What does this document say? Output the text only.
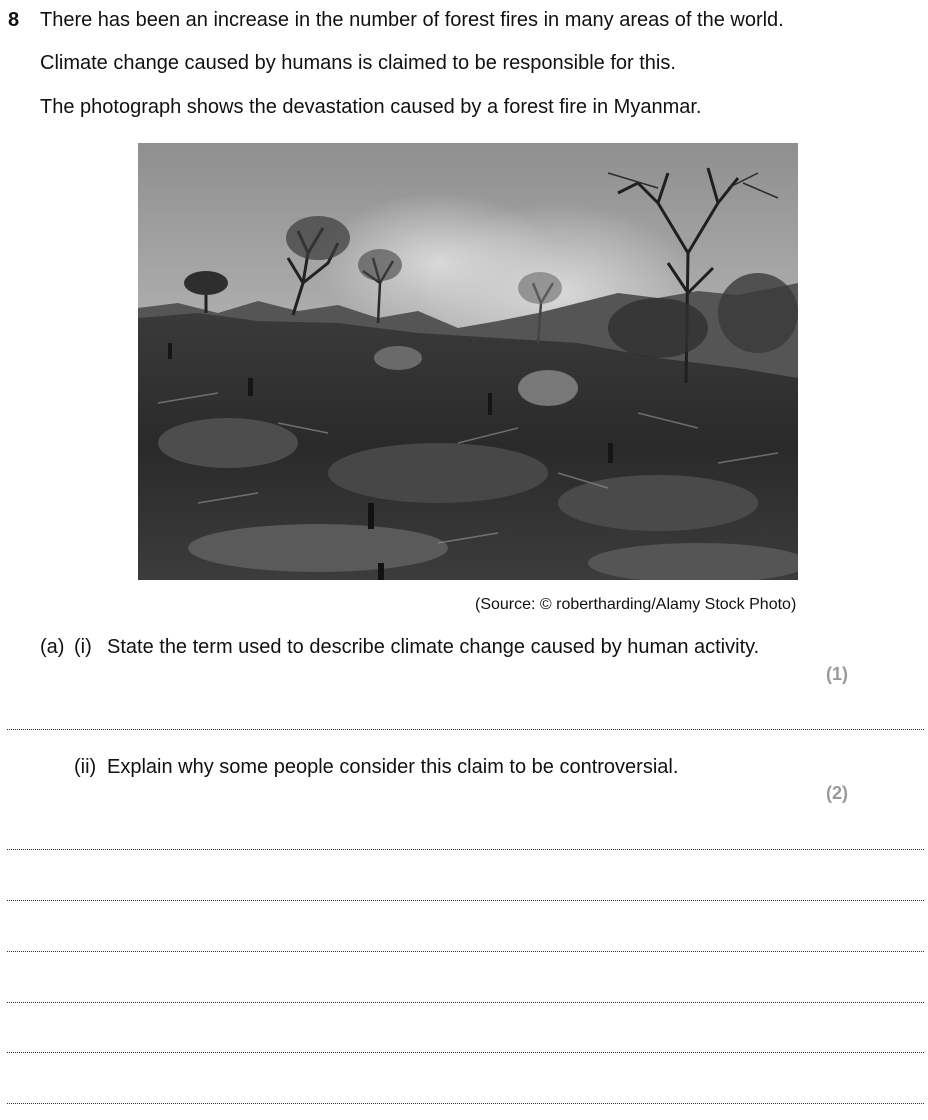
8 There has been an increase in the number of forest fires in many areas of the world.
Climate change caused by humans is claimed to be responsible for this.
The photograph shows the devastation caused by a forest fire in Myanmar.
(Source: © robertharding/Alamy Stock Photo)
(a) (i) State the term used to describe climate change caused by human activity.
(1)
(ii) Explain why some people consider this claim to be controversial.
(2)
